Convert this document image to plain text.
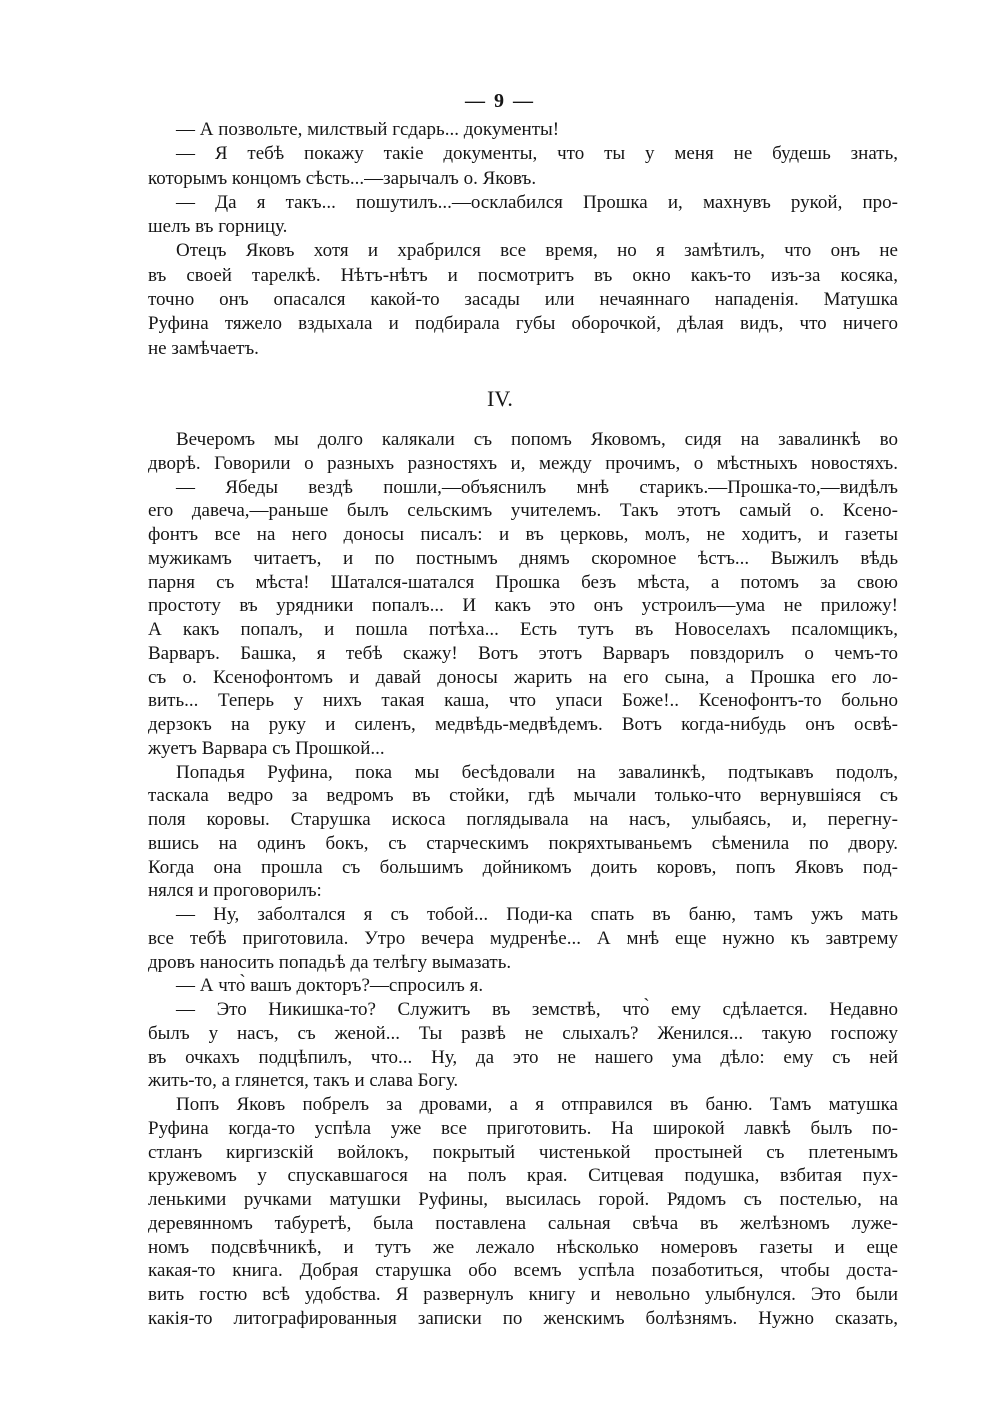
— 9 —
— А позвольте, милствый гсдарь... документы!
— Я тебѣ покажу такіе документы, что ты у меня не будешь знать,
которымъ концомъ сѣсть...—зарычалъ о. Яковъ.
— Да я такъ... пошутилъ...—осклабился Прошка и, махнувъ рукой, про-
шелъ въ горницу.
Отецъ Яковъ хотя и храбрился все время, но я замѣтилъ, что онъ не
въ своей тарелкѣ. Нѣтъ-нѣтъ и посмотритъ въ окно какъ-то изъ-за косяка,
точно онъ опасался какой-то засады или нечаяннаго нападенія. Матушка
Руфина тяжело вздыхала и подбирала губы оборочкой, дѣлая видъ, что ничего
не замѣчаетъ.
IV.
Вечеромъ мы долго калякали съ попомъ Яковомъ, сидя на завалинкѣ во
дворѣ. Говорили о разныхъ разностяхъ и, между прочимъ, о мѣстныхъ новостяхъ.
— Ябеды вездѣ пошли,—объяснилъ мнѣ старикъ.—Прошка-то,—видѣлъ
его давеча,—раньше былъ сельскимъ учителемъ. Такъ этотъ самый о. Ксено-
фонтъ все на него доносы писалъ: и въ церковь, молъ, не ходитъ, и газеты
мужикамъ читаетъ, и по постнымъ днямъ скоромное ѣстъ... Выжилъ вѣдь
парня съ мѣста! Шатался-шатался Прошка безъ мѣста, а потомъ за свою
простоту въ урядники попалъ... И какъ это онъ устроилъ—ума не приложу!
А какъ попалъ, и пошла потѣха... Есть тутъ въ Новоселахъ псаломщикъ,
Варваръ. Башка, я тебѣ скажу! Вотъ этотъ Варваръ повздорилъ о чемъ-то
съ о. Ксенофонтомъ и давай доносы жарить на его сына, а Прошка его ло-
вить... Теперь у нихъ такая каша, что упаси Боже!.. Ксенофонтъ-то больно
дерзокъ на руку и силенъ, медвѣдь-медвѣдемъ. Вотъ когда-нибудь онъ освѣ-
жуетъ Варвара съ Прошкой...
Попадья Руфина, пока мы бесѣдовали на завалинкѣ, подтыкавъ подолъ,
таскала ведро за ведромъ въ стойки, гдѣ мычали только-что вернувшіяся съ
поля коровы. Старушка искоса поглядывала на насъ, улыбаясь, и, перегну-
вшись на одинъ бокъ, съ старческимъ покряхтываньемъ сѣменила по двору.
Когда она прошла съ большимъ дойникомъ доить коровъ, попъ Яковъ под-
нялся и проговорилъ:
— Ну, заболтался я съ тобой... Поди-ка спать въ баню, тамъ ужъ мать
все тебѣ приготовила. Утро вечера мудренѣе... А мнѣ еще нужно къ завтрему
дровъ наносить попадьѣ да телѣгу вымазать.
— А что̀ вашъ докторъ?—спросилъ я.
— Это Никишка-то? Служитъ въ земствѣ, что̀ ему сдѣлается. Недавно
былъ у насъ, съ женой... Ты развѣ не слыхалъ? Женился... такую госпожу
въ очкахъ подцѣпилъ, что... Ну, да это не нашего ума дѣло: ему съ ней
жить-то, а глянется, такъ и слава Богу.
Попъ Яковъ побрелъ за дровами, а я отправился въ баню. Тамъ матушка
Руфина когда-то успѣла уже все приготовить. На широкой лавкѣ былъ по-
стланъ киргизскій войлокъ, покрытый чистенькой простыней съ плетенымъ
кружевомъ у спускавшагося на полъ края. Ситцевая подушка, взбитая пух-
ленькими ручками матушки Руфины, высилась горой. Рядомъ съ постелью, на
деревянномъ табуретѣ, была поставлена сальная свѣча въ желѣзномъ луже-
номъ подсвѣчникѣ, и тутъ же лежало нѣсколько номеровъ газеты и еще
какая-то книга. Добрая старушка обо всемъ успѣла позаботиться, чтобы доста-
вить гостю всѣ удобства. Я развернулъ книгу и невольно улыбнулся. Это были
какія-то литографированныя записки по женскимъ болѣзнямъ. Нужно сказать,
